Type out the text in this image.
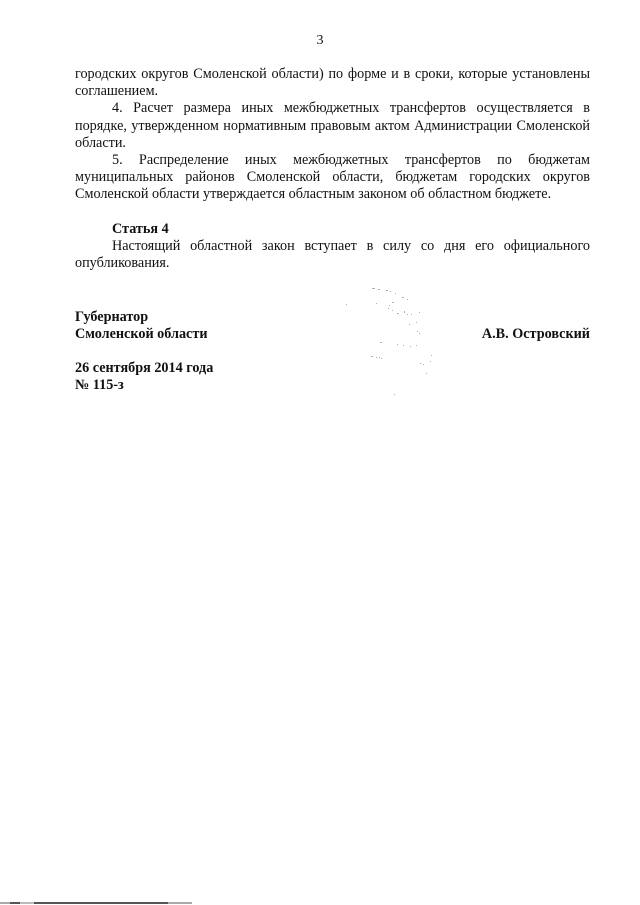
3

городских округов Смоленской области) по форме и в сроки, которые установлены соглашением.

4. Расчет размера иных межбюджетных трансфертов осуществляется в порядке, утвержденном нормативным правовым актом Администрации Смоленской области.

5. Распределение иных межбюджетных трансфертов по бюджетам муниципальных районов Смоленской области, бюджетам городских округов Смоленской области утверждается областным законом об областном бюджете.

Статья 4

Настоящий областной закон вступает в силу со дня его официального опубликования.

Губернатор
Смоленской области	А.В. Островский
26 сентября 2014 года
№ 115-з
